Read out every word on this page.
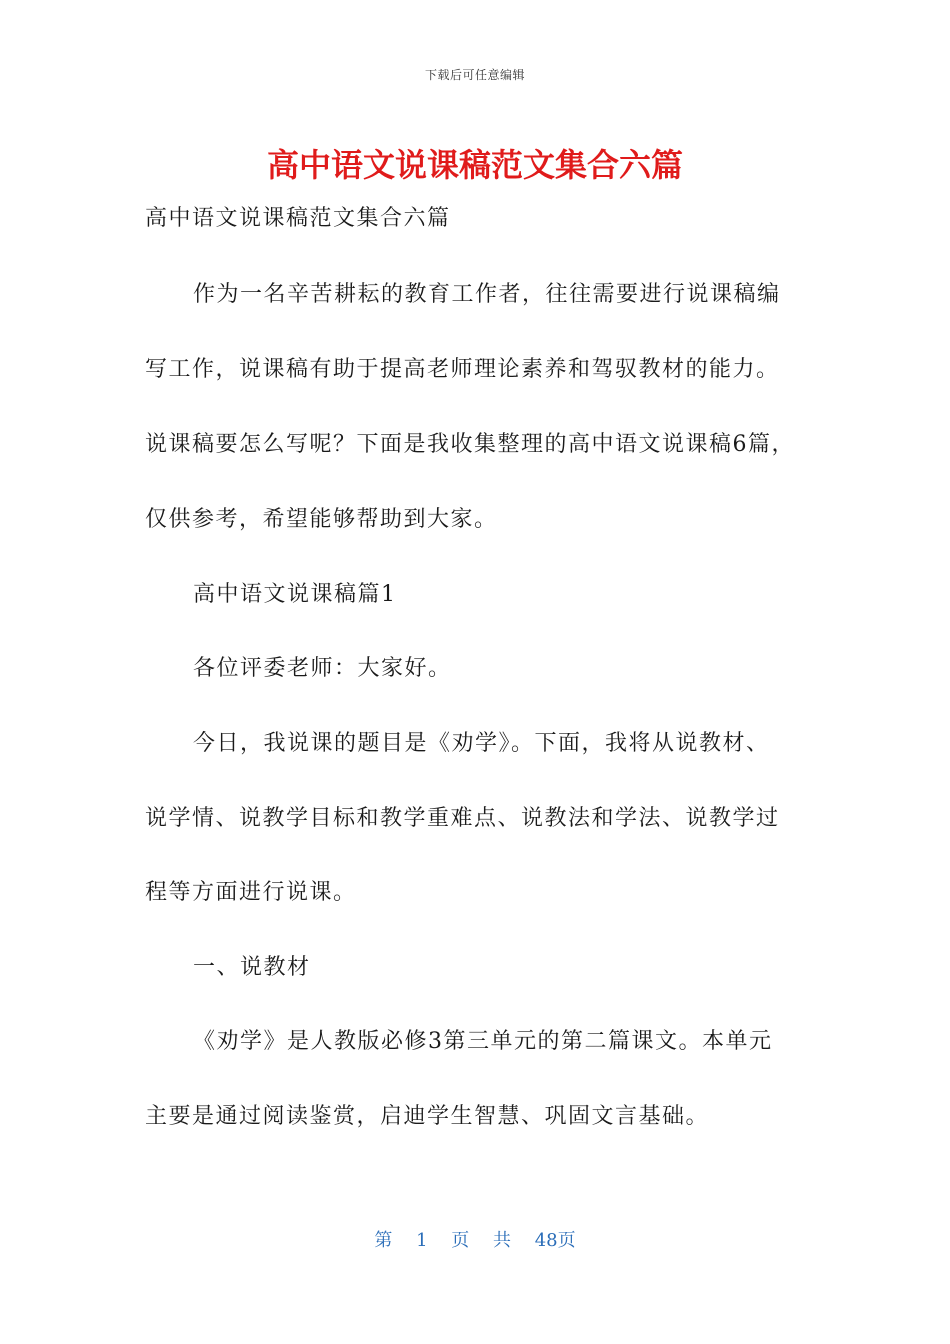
下载后可任意编辑
高中语文说课稿范文集合六篇
高中语文说课稿范文集合六篇
作为一名辛苦耕耘的教育工作者，往往需要进行说课稿编
写工作，说课稿有助于提高老师理论素养和驾驭教材的能力。
说课稿要怎么写呢？下面是我收集整理的高中语文说课稿6篇，
仅供参考，希望能够帮助到大家。
高中语文说课稿篇1
各位评委老师：大家好。
今日，我说课的题目是《劝学》。下面，我将从说教材、
说学情、说教学目标和教学重难点、说教法和学法、说教学过
程等方面进行说课。
一、说教材
《劝学》是人教版必修3第三单元的第二篇课文。本单元
主要是通过阅读鉴赏，启迪学生智慧、巩固文言基础。
第 1 页 共 48页
